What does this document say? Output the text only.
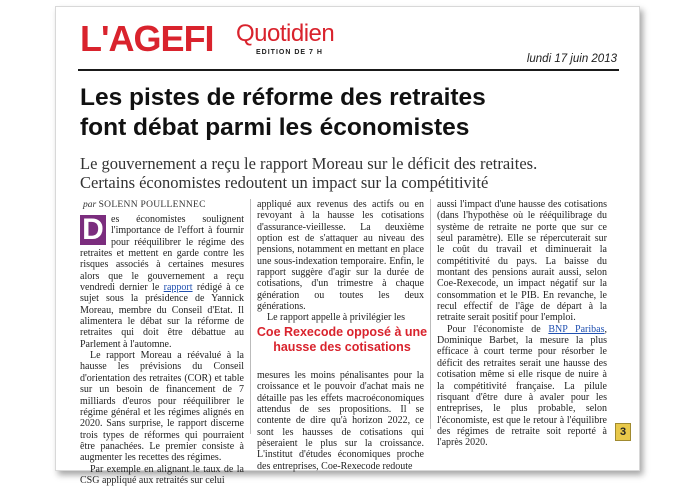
L'AGEFI Quotidien
EDITION DE 7 H
lundi 17 juin 2013
Les pistes de réforme des retraites
font débat parmi les économistes
Le gouvernement a reçu le rapport Moreau sur le déficit des retraites.
Certains économistes redoutent un impact sur la compétitivité
par SOLENN POULLENNEC

D es économistes soulignent l'importance de l'effort à fournir pour rééquilibrer le régime des retraites et mettent en garde contre les risques associés à certaines mesures alors que le gouvernement a reçu vendredi dernier le rapport rédigé à ce sujet sous la présidence de Yannick Moreau, membre du Conseil d'Etat. Il alimentera le débat sur la réforme de retraites qui doit être débattue au Parlement à l'automne.

Le rapport Moreau a réévalué à la hausse les prévisions du Conseil d'orientation des retraites (COR) et table sur un besoin de financement de 7 milliards d'euros pour rééquilibrer le régime général et les régimes alignés en 2020. Sans surprise, le rapport discerne trois types de réformes qui pourraient être panachées. Le premier consiste à augmenter les recettes des régimes.

Par exemple en alignant le taux de la CSG appliqué aux retraités sur celui

appliqué aux revenus des actifs ou en revoyant à la hausse les cotisations d'assurance-vieillesse. La deuxième option est de s'attaquer au niveau des pensions, notamment en mettant en place une sous-indexation temporaire. Enfin, le rapport suggère d'agir sur la durée de cotisations, d'un trimestre à chaque génération ou toutes les deux générations.

Le rapport appelle à privilégier les

Coe Rexecode opposé à une hausse des cotisations

mesures les moins pénalisantes pour la croissance et le pouvoir d'achat mais ne détaille pas les effets macroéconomiques attendus de ses propositions. Il se contente de dire qu'à horizon 2022, ce sont les hausses de cotisations qui pèseraient le plus sur la croissance. L'institut d'études économiques proche des entreprises, Coe-Rexecode redoute

aussi l'impact d'une hausse des cotisations (dans l'hypothèse où le rééquilibrage du système de retraite ne porte que sur ce seul paramètre). Elle se répercuterait sur le coût du travail et diminuerait la compétitivité du pays. La baisse du montant des pensions aurait aussi, selon Coe-Rexecode, un impact négatif sur la consommation et le PIB. En revanche, le recul effectif de l'âge de départ à la retraite serait positif pour l'emploi.

Pour l'économiste de BNP Paribas, Dominique Barbet, la mesure la plus efficace à court terme pour résorber le déficit des retraites serait une hausse des cotisation même si elle risque de nuire à la compétitivité française. La pilule risquant d'être dure à avaler pour les entreprises, le plus probable, selon l'économiste, est que le retour à l'équilibre des régimes de retraite soit reporté à l'après 2020.

3
